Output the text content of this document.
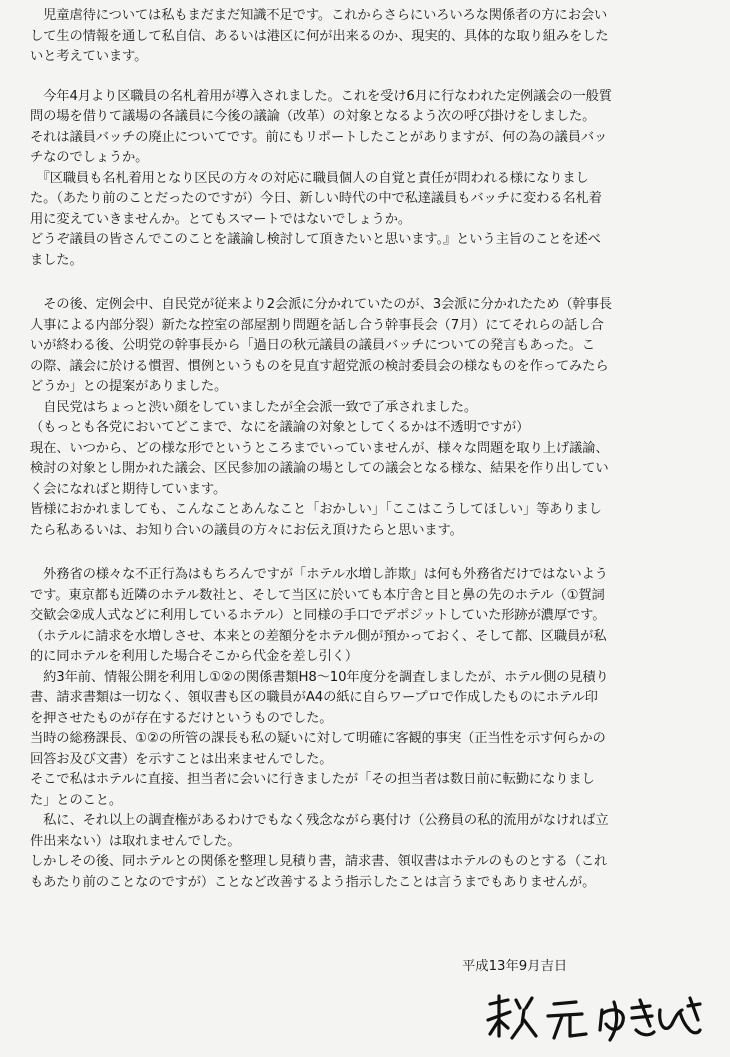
　児童虐待については私もまだまだ知識不足です。これからさらにいろいろな関係者の方にお会い
して生の情報を通して私自信、あるいは港区に何が出来るのか、現実的、具体的な取り組みをした
いと考えています。
　今年4月より区職員の名札着用が導入されました。これを受け6月に行なわれた定例議会の一般質
問の場を借りて議場の各議員に今後の議論（改革）の対象となるよう次の呼び掛けをしました。
それは議員バッチの廃止についてです。前にもリポートしたことがありますが、何の為の議員バッ
チなのでしょうか。
　『区職員も名札着用となり区民の方々の対応に職員個人の自覚と責任が問われる様になりまし
た。（あたり前のことだったのですが）今日、新しい時代の中で私達議員もバッチに変わる名札着
用に変えていきませんか。とてもスマートではないでしょうか。
どうぞ議員の皆さんでこのことを議論し検討して頂きたいと思います。』という主旨のことを述べ
ました。
　その後、定例会中、自民党が従来より2会派に分かれていたのが、3会派に分かれたため（幹事長
人事による内部分裂）新たな控室の部屋割り問題を話し合う幹事長会（7月）にてそれらの話し合
いが終わる後、公明党の幹事長から「過日の秋元議員の議員バッチについての発言もあった。こ
の際、議会に於ける慣習、慣例というものを見直す超党派の検討委員会の様なものを作ってみたら
どうか」との提案がありました。
　自民党はちょっと渋い顔をしていましたが全会派一致で了承されました。
（もっとも各党においてどこまで、なにを議論の対象としてくるかは不透明ですが）
現在、いつから、どの様な形でというところまでいっていませんが、様々な問題を取り上げ議論、
検討の対象とし開かれた議会、区民参加の議論の場としての議会となる様な、結果を作り出してい
く会になればと期待しています。
皆様におかれましても、こんなことあんなこと「おかしい」「ここはこうしてほしい」等ありまし
たら私あるいは、お知り合いの議員の方々にお伝え頂けたらと思います。
　外務省の様々な不正行為はもちろんですが「ホテル水増し詐欺」は何も外務省だけではないよう
です。東京都も近隣のホテル数社と、そして当区に於いても本庁舎と目と鼻の先のホテル（①賀詞
交歓会②成人式などに利用しているホテル）と同様の手口でデポジットしていた形跡が濃厚です。
（ホテルに請求を水増しさせ、本来との差額分をホテル側が預かっておく、そして都、区職員が私
的に同ホテルを利用した場合そこから代金を差し引く）
　約3年前、情報公開を利用し①②の関係書類H8～10年度分を調査しましたが、ホテル側の見積り
書、請求書類は一切なく、領収書も区の職員がA4の紙に自らワープロで作成したものにホテル印
を押させたものが存在するだけというものでした。
当時の総務課長、①②の所管の課長も私の疑いに対して明確に客観的事実（正当性を示す何らかの
回答お及び文書）を示すことは出来ませんでした。
そこで私はホテルに直接、担当者に会いに行きましたが「その担当者は数日前に転勤になりまし
た」とのこと。
　私に、それ以上の調査権があるわけでもなく残念ながら裏付け（公務員の私的流用がなければ立
件出来ない）は取れませんでした。
しかしその後、同ホテルとの関係を整理し見積り書，請求書、領収書はホテルのものとする（これ
もあたり前のことなのですが）ことなど改善するよう指示したことは言うまでもありませんが。
平成13年9月吉日
